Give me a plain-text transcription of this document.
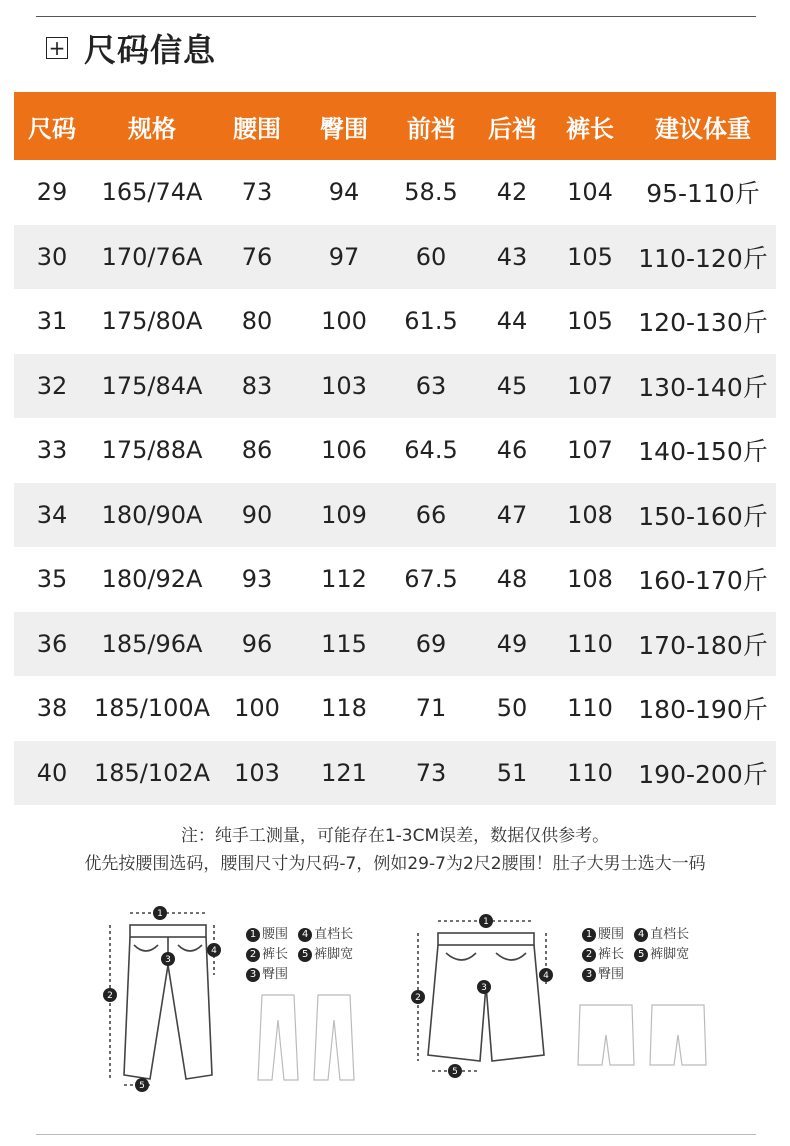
+ 尺码信息
尺码	规格	腰围	臀围	前裆	后裆	裤长	建议体重
29	165/74A	73	94	58.5	42	104	95-110斤
30	170/76A	76	97	60	43	105	110-120斤
31	175/80A	80	100	61.5	44	105	120-130斤
32	175/84A	83	103	63	45	107	130-140斤
33	175/88A	86	106	64.5	46	107	140-150斤
34	180/90A	90	109	66	47	108	150-160斤
35	180/92A	93	112	67.5	48	108	160-170斤
36	185/96A	96	115	69	49	110	170-180斤
38	185/100A	100	118	71	50	110	180-190斤
40	185/102A	103	121	73	51	110	190-200斤
注：纯手工测量，可能存在1-3CM误差，数据仅供参考。
优先按腰围选码，腰围尺寸为尺码-7，例如29-7为2尺2腰围！肚子大男士选大一码
1
2
3
4
5
1
2
3
4
5
1 腰围 4 直档长
2 裤长 5 裤脚宽
3 臀围
1 腰围 4 直档长
2 裤长 5 裤脚宽
3 臀围
